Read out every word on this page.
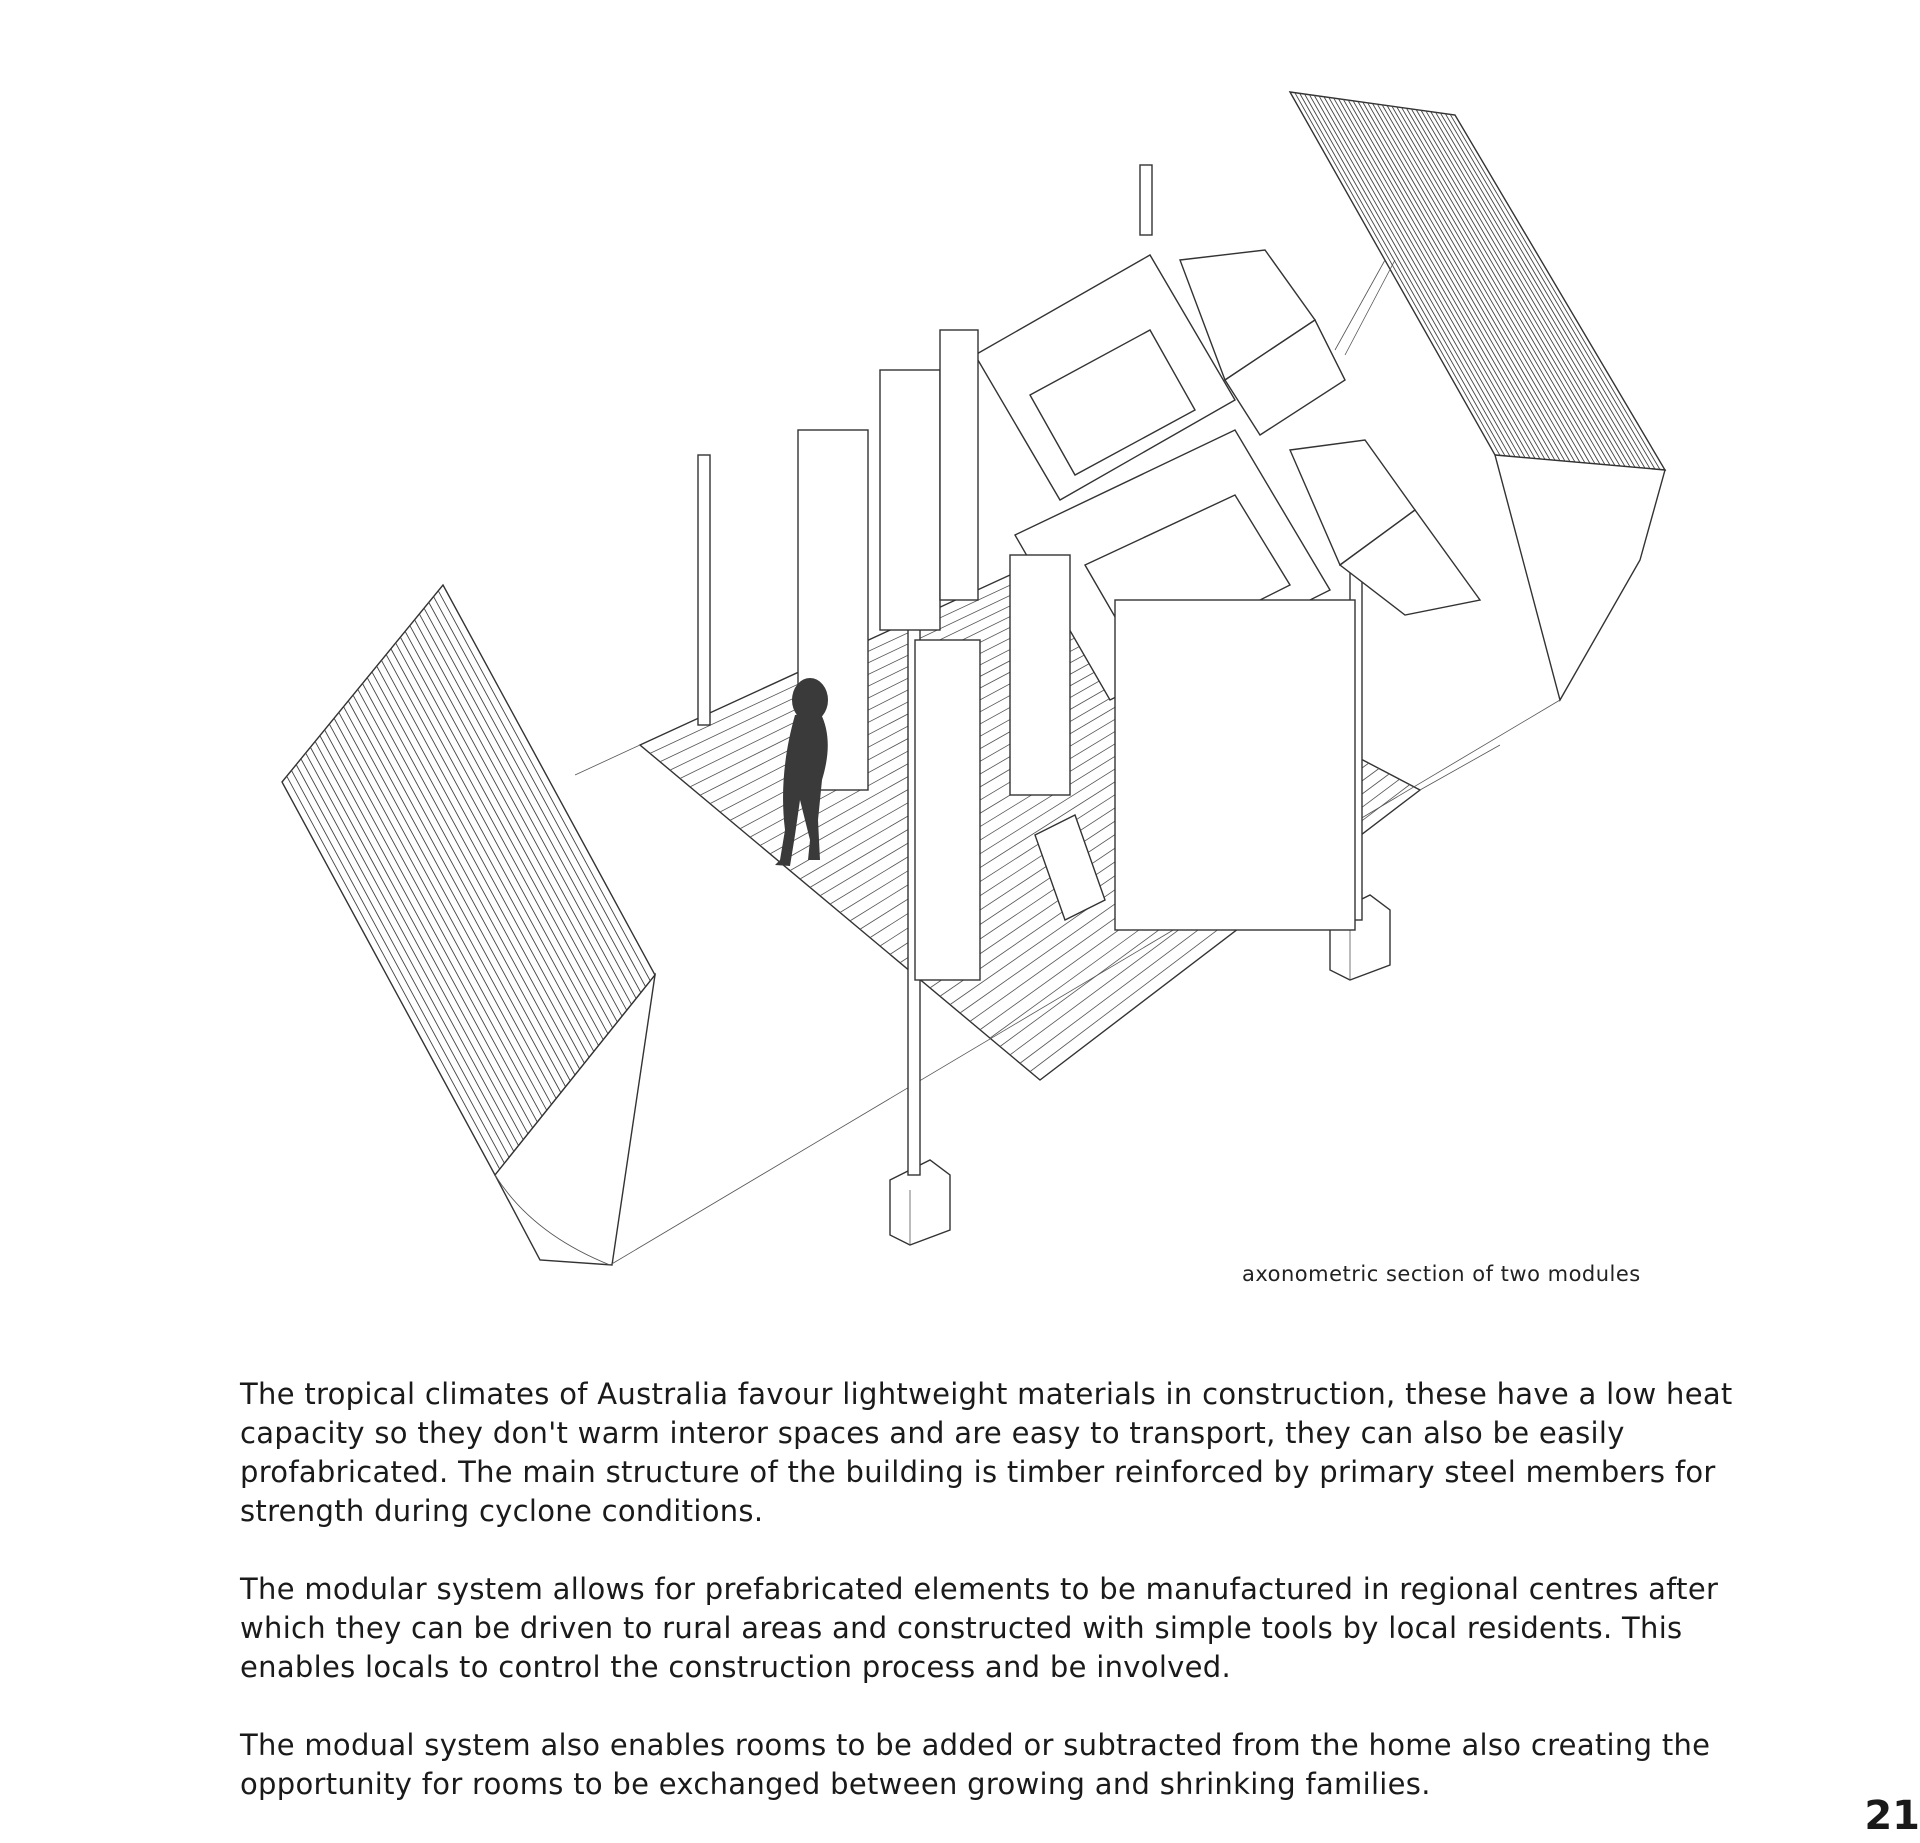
axonometric section of two modules

The tropical climates of Australia favour lightweight materials in construction, these have a low heat capacity so they don't warm interor spaces and are easy to transport, they can also be easily profabricated. The main structure of the building is timber reinforced by primary steel members for strength during cyclone conditions.

The modular system allows for prefabricated elements to be manufactured in regional centres after which they can be driven to rural areas and constructed with simple tools by local residents. This enables locals to control the construction process and be involved.

The modual system also enables rooms to be added or subtracted from the home also creating the opportunity for rooms to be exchanged between growing and shrinking families.

21
